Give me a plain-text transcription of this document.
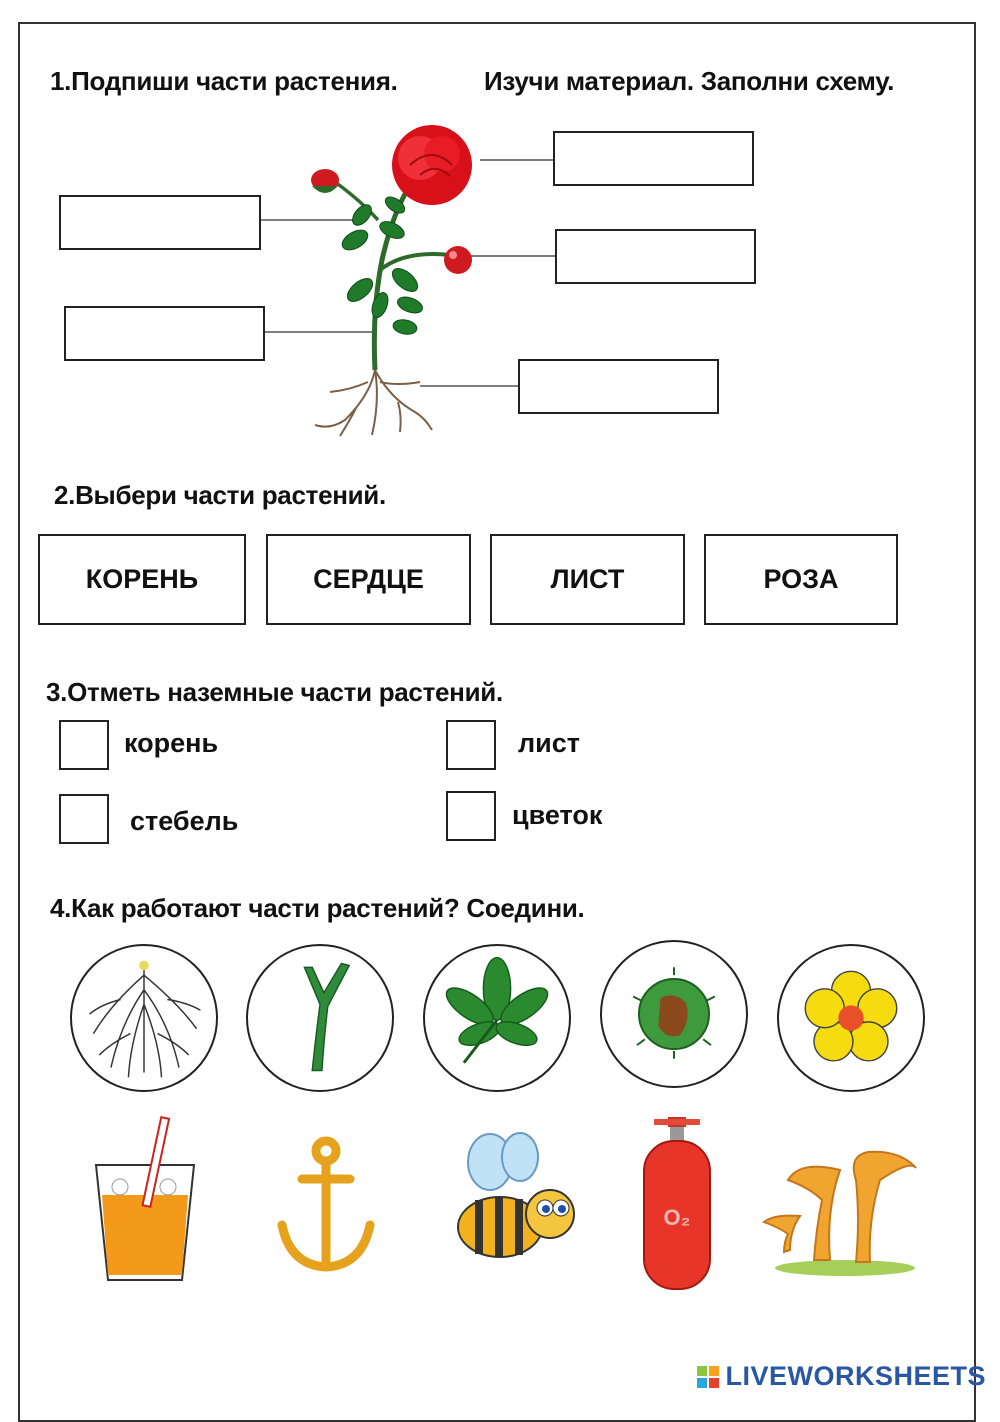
1.Подпиши части растения.	Изучи материал. Заполни схему.
2.Выбери части растений.
КОРЕНЬ	СЕРДЦЕ	ЛИСТ	РОЗА
3.Отметь наземные части растений.
корень	лист
стебель	цветок
4.Как работают части растений? Соедини.
O₂
LIVEWORKSHEETS
